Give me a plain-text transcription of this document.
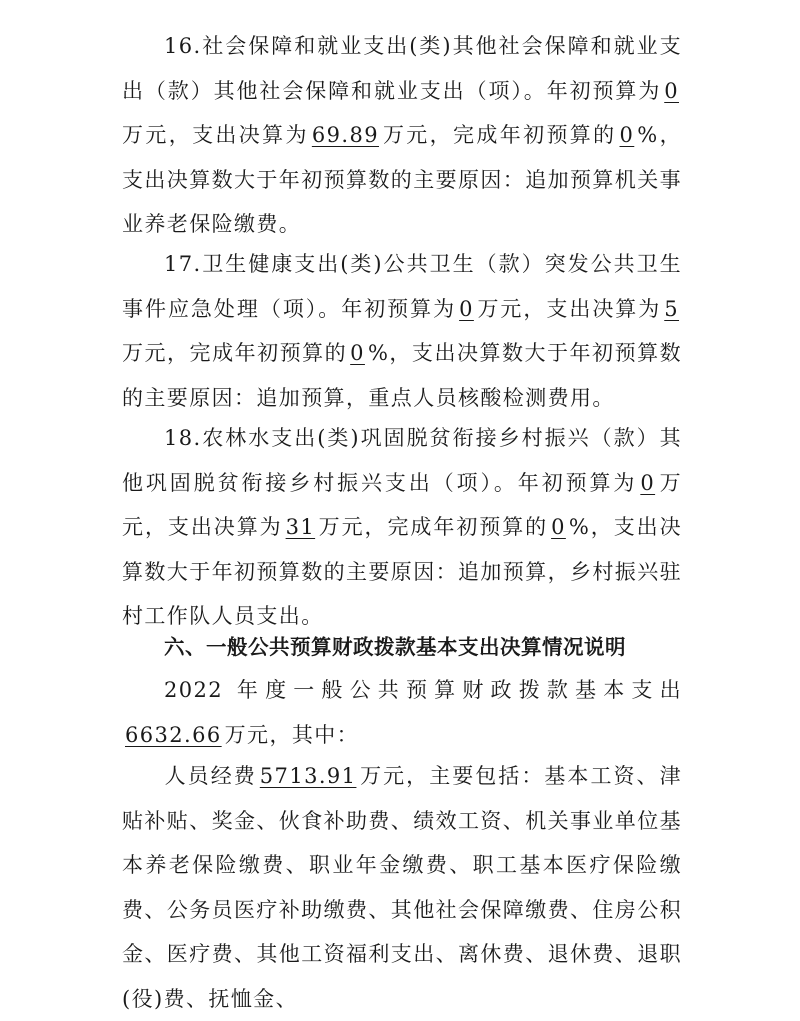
16.社会保障和就业支出(类)其他社会保障和就业支出（款）其他社会保障和就业支出（项）。年初预算为 0万元，支出决算为 69.89 万元，完成年初预算的 0 %，支出决算数大于年初预算数的主要原因：追加预算机关事业养老保险缴费。

17.卫生健康支出(类)公共卫生（款）突发公共卫生事件应急处理（项）。年初预算为 0 万元，支出决算为 5万元，完成年初预算的 0 %，支出决算数大于年初预算数的主要原因：追加预算，重点人员核酸检测费用。

18.农林水支出(类)巩固脱贫衔接乡村振兴（款）其他巩固脱贫衔接乡村振兴支出（项）。年初预算为 0 万元，支出决算为 31 万元，完成年初预算的 0 %，支出决算数大于年初预算数的主要原因：追加预算，乡村振兴驻村工作队人员支出。

六、一般公共预算财政拨款基本支出决算情况说明

2022 年度一般公共预算财政拨款基本支出6632.66 万元，其中：

人员经费 5713.91 万元，主要包括：基本工资、津贴补贴、奖金、伙食补助费、绩效工资、机关事业单位基本养老保险缴费、职业年金缴费、职工基本医疗保险缴费、公务员医疗补助缴费、其他社会保障缴费、住房公积金、医疗费、其他工资福利支出、离休费、退休费、退职(役)费、抚恤金、
